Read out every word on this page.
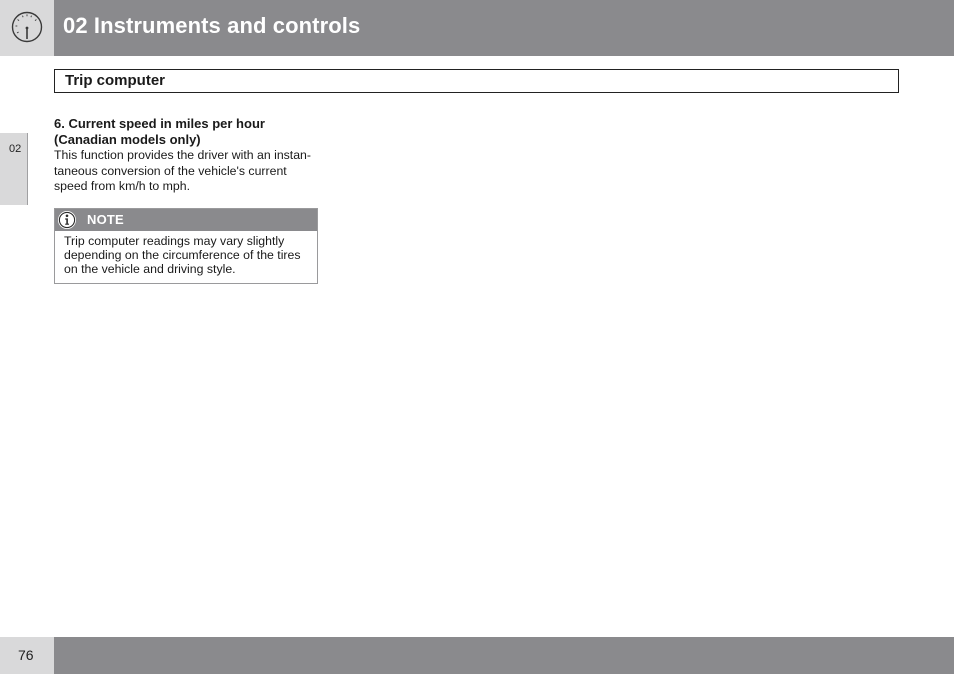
02 Instruments and controls
Trip computer
02

6. Current speed in miles per hour
(Canadian models only)

This function provides the driver with an instan-
taneous conversion of the vehicle's current
speed from km/h to mph.

NOTE

Trip computer readings may vary slightly
depending on the circumference of the tires
on the vehicle and driving style.

76
